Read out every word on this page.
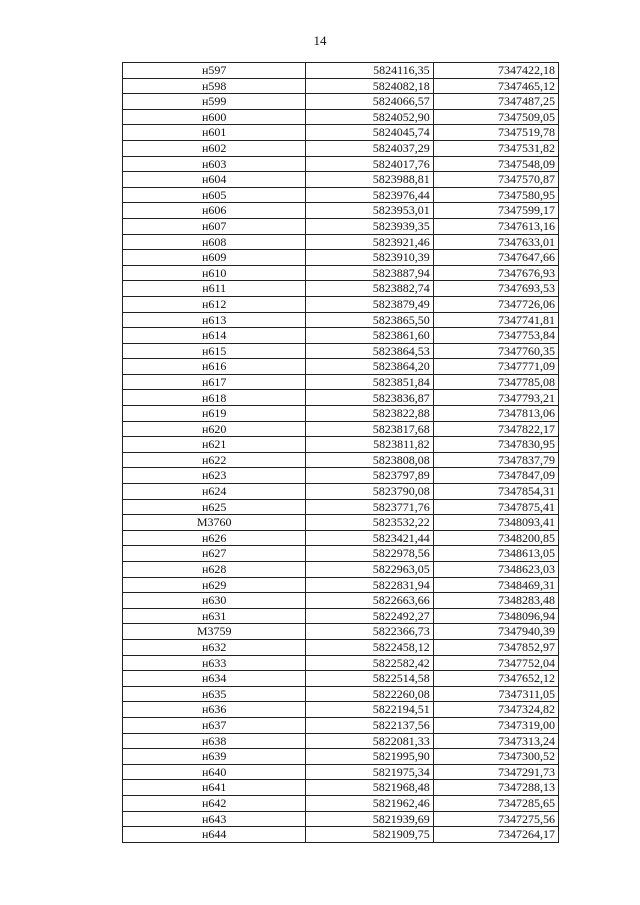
14
н597	5824116,35	7347422,18
н598	5824082,18	7347465,12
н599	5824066,57	7347487,25
н600	5824052,90	7347509,05
н601	5824045,74	7347519,78
н602	5824037,29	7347531,82
н603	5824017,76	7347548,09
н604	5823988,81	7347570,87
н605	5823976,44	7347580,95
н606	5823953,01	7347599,17
н607	5823939,35	7347613,16
н608	5823921,46	7347633,01
н609	5823910,39	7347647,66
н610	5823887,94	7347676,93
н611	5823882,74	7347693,53
н612	5823879,49	7347726,06
н613	5823865,50	7347741,81
н614	5823861,60	7347753,84
н615	5823864,53	7347760,35
н616	5823864,20	7347771,09
н617	5823851,84	7347785,08
н618	5823836,87	7347793,21
н619	5823822,88	7347813,06
н620	5823817,68	7347822,17
н621	5823811,82	7347830,95
н622	5823808,08	7347837,79
н623	5823797,89	7347847,09
н624	5823790,08	7347854,31
н625	5823771,76	7347875,41
М3760	5823532,22	7348093,41
н626	5823421,44	7348200,85
н627	5822978,56	7348613,05
н628	5822963,05	7348623,03
н629	5822831,94	7348469,31
н630	5822663,66	7348283,48
н631	5822492,27	7348096,94
М3759	5822366,73	7347940,39
н632	5822458,12	7347852,97
н633	5822582,42	7347752,04
н634	5822514,58	7347652,12
н635	5822260,08	7347311,05
н636	5822194,51	7347324,82
н637	5822137,56	7347319,00
н638	5822081,33	7347313,24
н639	5821995,90	7347300,52
н640	5821975,34	7347291,73
н641	5821968,48	7347288,13
н642	5821962,46	7347285,65
н643	5821939,69	7347275,56
н644	5821909,75	7347264,17
